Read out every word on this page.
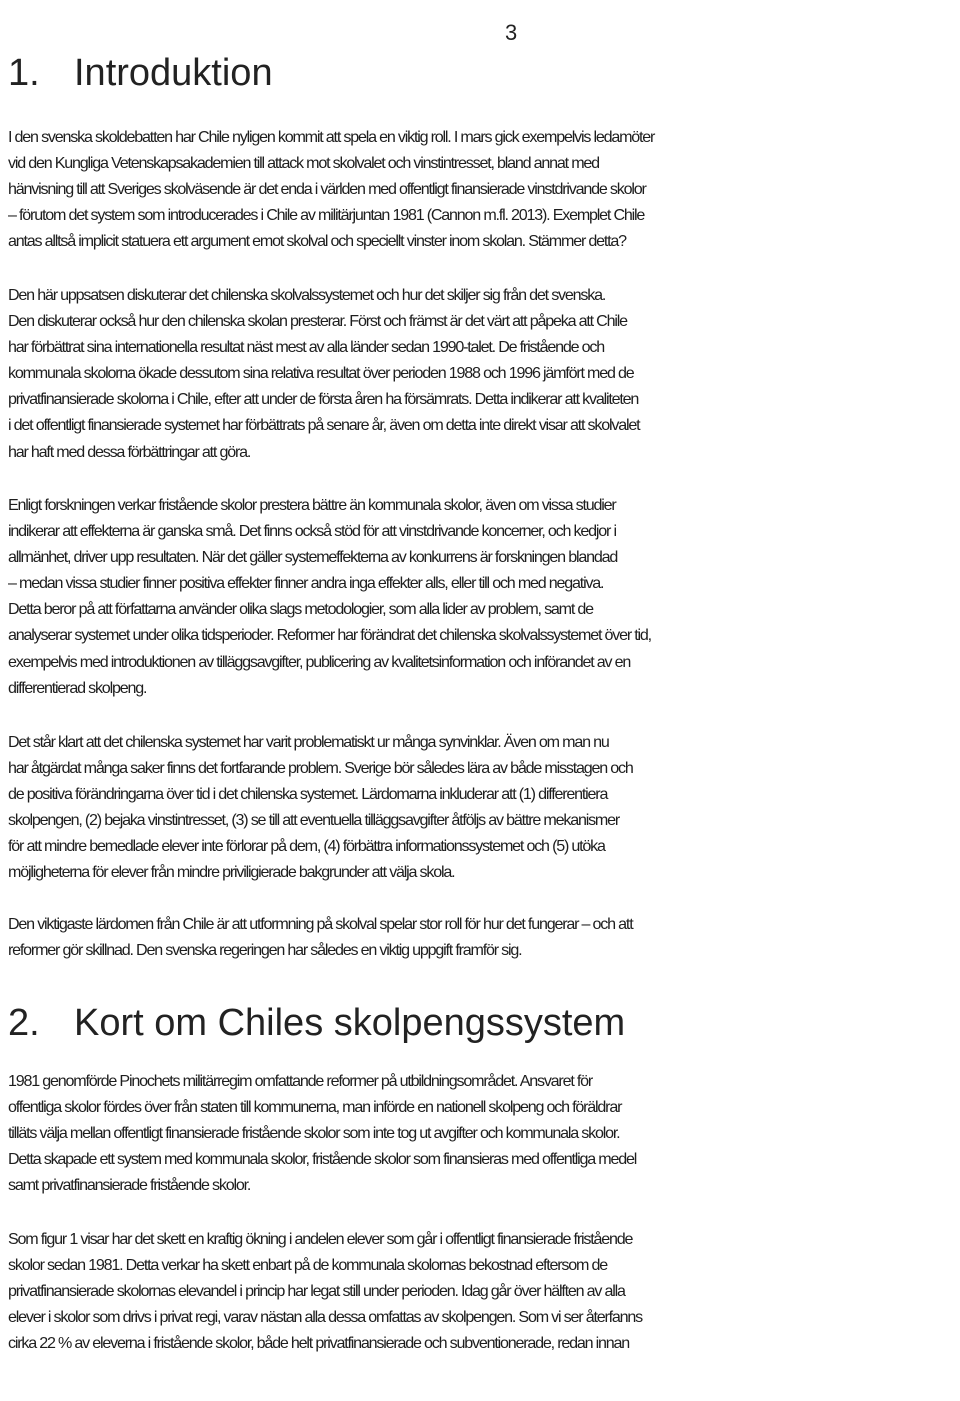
3
1. Introduktion

I den svenska skoldebatten har Chile nyligen kommit att spela en viktig roll. I mars gick exempelvis ledamöter
vid den Kungliga Vetenskapsakademien till attack mot skolvalet och vinstintresset, bland annat med
hänvisning till att Sveriges skolväsende är det enda i världen med offentligt finansierade vinstdrivande skolor
– förutom det system som introducerades i Chile av militärjuntan 1981 (Cannon m.fl. 2013). Exemplet Chile
antas alltså implicit statuera ett argument emot skolval och speciellt vinster inom skolan. Stämmer detta?

Den här uppsatsen diskuterar det chilenska skolvalssystemet och hur det skiljer sig från det svenska.
Den diskuterar också hur den chilenska skolan presterar. Först och främst är det värt att påpeka att Chile
har förbättrat sina internationella resultat näst mest av alla länder sedan 1990-talet. De fristående och
kommunala skolorna ökade dessutom sina relativa resultat över perioden 1988 och 1996 jämfört med de
privatfinansierade skolorna i Chile, efter att under de första åren ha försämrats. Detta indikerar att kvaliteten
i det offentligt finansierade systemet har förbättrats på senare år, även om detta inte direkt visar att skolvalet
har haft med dessa förbättringar att göra.

Enligt forskningen verkar fristående skolor prestera bättre än kommunala skolor, även om vissa studier
indikerar att effekterna är ganska små. Det finns också stöd för att vinstdrivande koncerner, och kedjor i
allmänhet, driver upp resultaten. När det gäller systemeffekterna av konkurrens är forskningen blandad
– medan vissa studier finner positiva effekter finner andra inga effekter alls, eller till och med negativa.
Detta beror på att författarna använder olika slags metodologier, som alla lider av problem, samt de
analyserar systemet under olika tidsperioder. Reformer har förändrat det chilenska skolvalssystemet över tid,
exempelvis med introduktionen av tilläggsavgifter, publicering av kvalitetsinformation och införandet av en
differentierad skolpeng.

Det står klart att det chilenska systemet har varit problematiskt ur många synvinklar. Även om man nu
har åtgärdat många saker finns det fortfarande problem. Sverige bör således lära av både misstagen och
de positiva förändringarna över tid i det chilenska systemet. Lärdomarna inkluderar att (1) differentiera
skolpengen, (2) bejaka vinstintresset, (3) se till att eventuella tilläggsavgifter åtföljs av bättre mekanismer
för att mindre bemedlade elever inte förlorar på dem, (4) förbättra informationssystemet och (5) utöka
möjligheterna för elever från mindre priviligierade bakgrunder att välja skola.

Den viktigaste lärdomen från Chile är att utformning på skolval spelar stor roll för hur det fungerar – och att
reformer gör skillnad. Den svenska regeringen har således en viktig uppgift framför sig.

2. Kort om Chiles skolpengssystem

1981 genomförde Pinochets militärregim omfattande reformer på utbildningsområdet. Ansvaret för
offentliga skolor fördes över från staten till kommunerna, man införde en nationell skolpeng och föräldrar
tilläts välja mellan offentligt finansierade fristående skolor som inte tog ut avgifter och kommunala skolor.
Detta skapade ett system med kommunala skolor, fristående skolor som finansieras med offentliga medel
samt privatfinansierade fristående skolor.

Som figur 1 visar har det skett en kraftig ökning i andelen elever som går i offentligt finansierade fristående
skolor sedan 1981. Detta verkar ha skett enbart på de kommunala skolornas bekostnad eftersom de
privatfinansierade skolornas elevandel i princip har legat still under perioden. Idag går över hälften av alla
elever i skolor som drivs i privat regi, varav nästan alla dessa omfattas av skolpengen. Som vi ser återfanns
cirka 22 % av eleverna i fristående skolor, både helt privatfinansierade och subventionerade, redan innan
